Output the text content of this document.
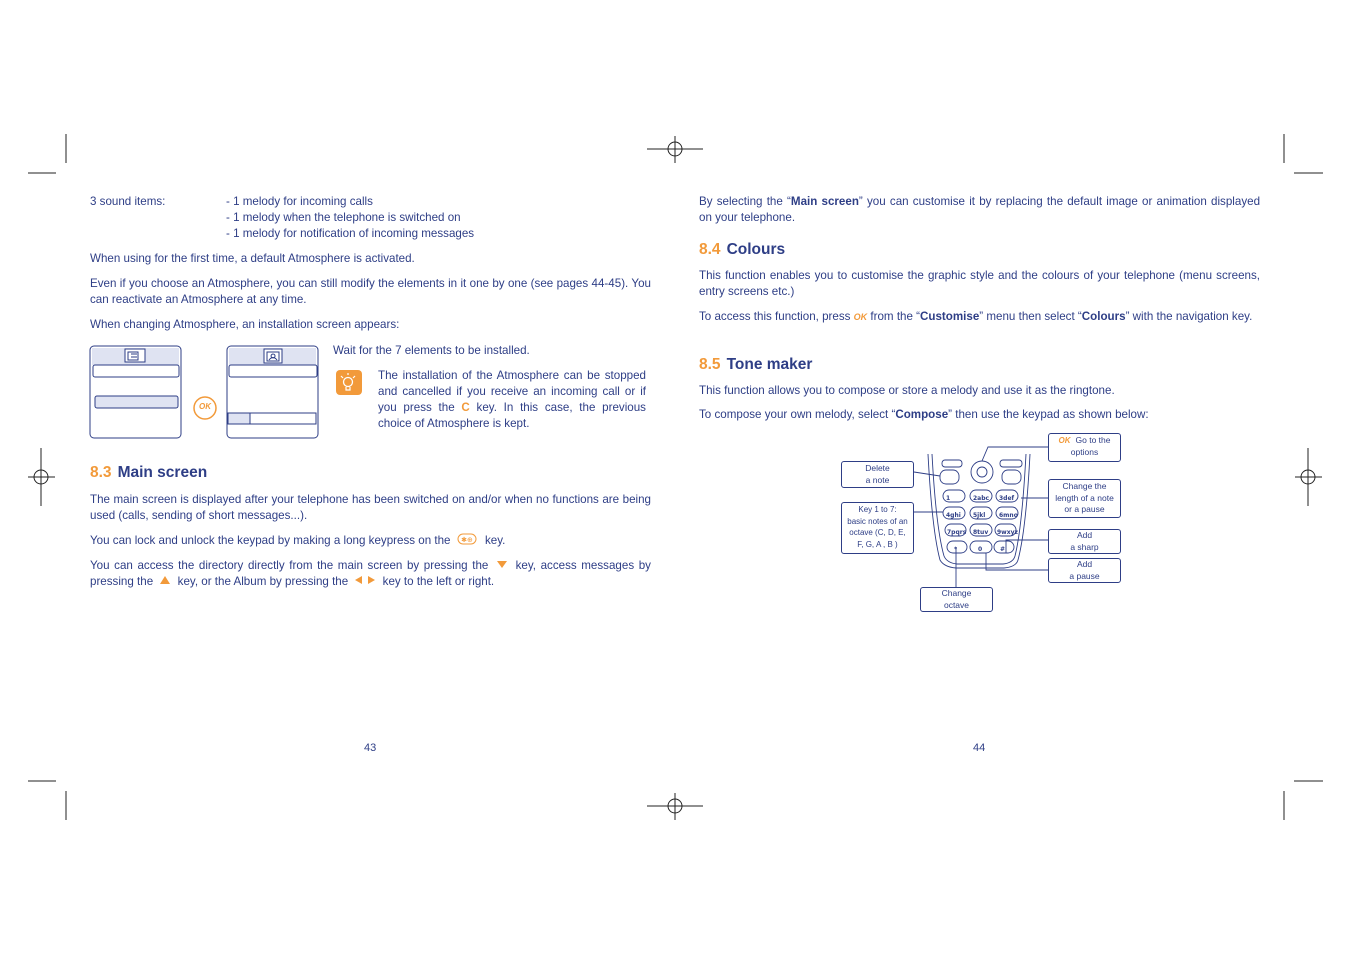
3 sound items:	- 1 melody for incoming calls
- 1 melody when the telephone is switched on
- 1 melody for notification of incoming messages
When using for the first time, a default Atmosphere is activated.
Even if you choose an Atmosphere, you can still modify the elements in it one by one (see pages 44-45). You can reactivate an Atmosphere at any time.
When changing Atmosphere, an installation screen appears:
OK
Wait for the 7 elements to be installed.
The installation of the Atmosphere can be stopped and cancelled if you receive an incoming call or if you press the C key. In this case, the previous choice of Atmosphere is kept.
8.3 Main screen
The main screen is displayed after your telephone has been switched on and/or when no functions are being used (calls, sending of short messages...).
You can lock and unlock the keypad by making a long keypress on the ✱⊕ key.
You can access the directory directly from the main screen by pressing the key, access messages by pressing the key, or the Album by pressing the	key to the left or right.
43
By selecting the “Main screen” you can customise it by replacing the default image or animation displayed on your telephone.
8.4 Colours
This function enables you to customise the graphic style and the colours of your telephone (menu screens, entry screens etc.)
To access this function, press OK from the “Customise” menu then select “Colours” with the navigation key.
8.5 Tone maker
This function allows you to compose or store a melody and use it as the ringtone.
To compose your own melody, select “Compose” then use the keypad as shown below:
1	2abc 3def
4ghi 5jkl 6mno
7pqrs 8tuv 9wxyz
*	0	#
Delete
a note
Key 1 to 7:
basic notes of an
octave (C, D, E,
F, G, A , B )
Change
octave
OK Go to the
options
Change the
length of a note
or a pause
Add
a sharp
Add
a pause
44
